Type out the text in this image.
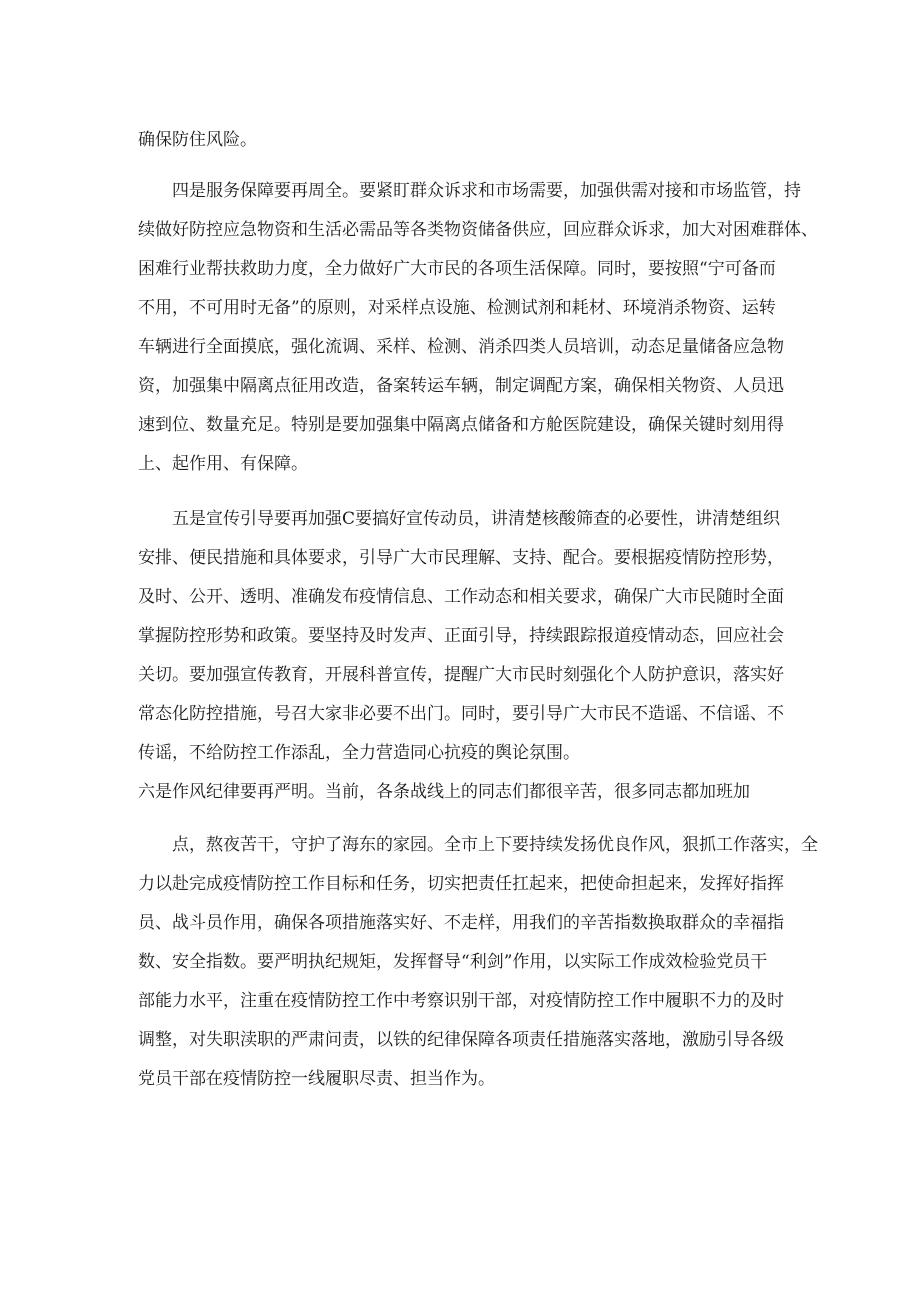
确保防住风险。
四是服务保障要再周全。要紧盯群众诉求和市场需要，加强供需对接和市场监管，持
续做好防控应急物资和生活必需品等各类物资储备供应，回应群众诉求，加大对困难群体、
困难行业帮扶救助力度，全力做好广大市民的各项生活保障。同时，要按照“宁可备而
不用，不可用时无备”的原则，对采样点设施、检测试剂和耗材、环境消杀物资、运转
车辆进行全面摸底，强化流调、采样、检测、消杀四类人员培训，动态足量储备应急物
资，加强集中隔离点征用改造，备案转运车辆，制定调配方案，确保相关物资、人员迅
速到位、数量充足。特别是要加强集中隔离点储备和方舱医院建设，确保关键时刻用得
上、起作用、有保障。
五是宣传引导要再加强C要搞好宣传动员，讲清楚核酸筛查的必要性，讲清楚组织
安排、便民措施和具体要求，引导广大市民理解、支持、配合。要根据疫情防控形势，
及时、公开、透明、准确发布疫情信息、工作动态和相关要求，确保广大市民随时全面
掌握防控形势和政策。要坚持及时发声、正面引导，持续跟踪报道疫情动态，回应社会
关切。要加强宣传教育，开展科普宣传，提醒广大市民时刻强化个人防护意识，落实好
常态化防控措施，号召大家非必要不出门。同时，要引导广大市民不造谣、不信谣、不
传谣，不给防控工作添乱，全力营造同心抗疫的舆论氛围。
六是作风纪律要再严明。当前，各条战线上的同志们都很辛苦，很多同志都加班加
点，熬夜苦干，守护了海东的家园。全市上下要持续发扬优良作风，狠抓工作落实，全
力以赴完成疫情防控工作目标和任务，切实把责任扛起来，把使命担起来，发挥好指挥
员、战斗员作用，确保各项措施落实好、不走样，用我们的辛苦指数换取群众的幸福指
数、安全指数。要严明执纪规矩，发挥督导“利剑”作用，以实际工作成效检验党员干
部能力水平，注重在疫情防控工作中考察识别干部，对疫情防控工作中履职不力的及时
调整，对失职渎职的严肃问责，以铁的纪律保障各项责任措施落实落地，激励引导各级
党员干部在疫情防控一线履职尽责、担当作为。
